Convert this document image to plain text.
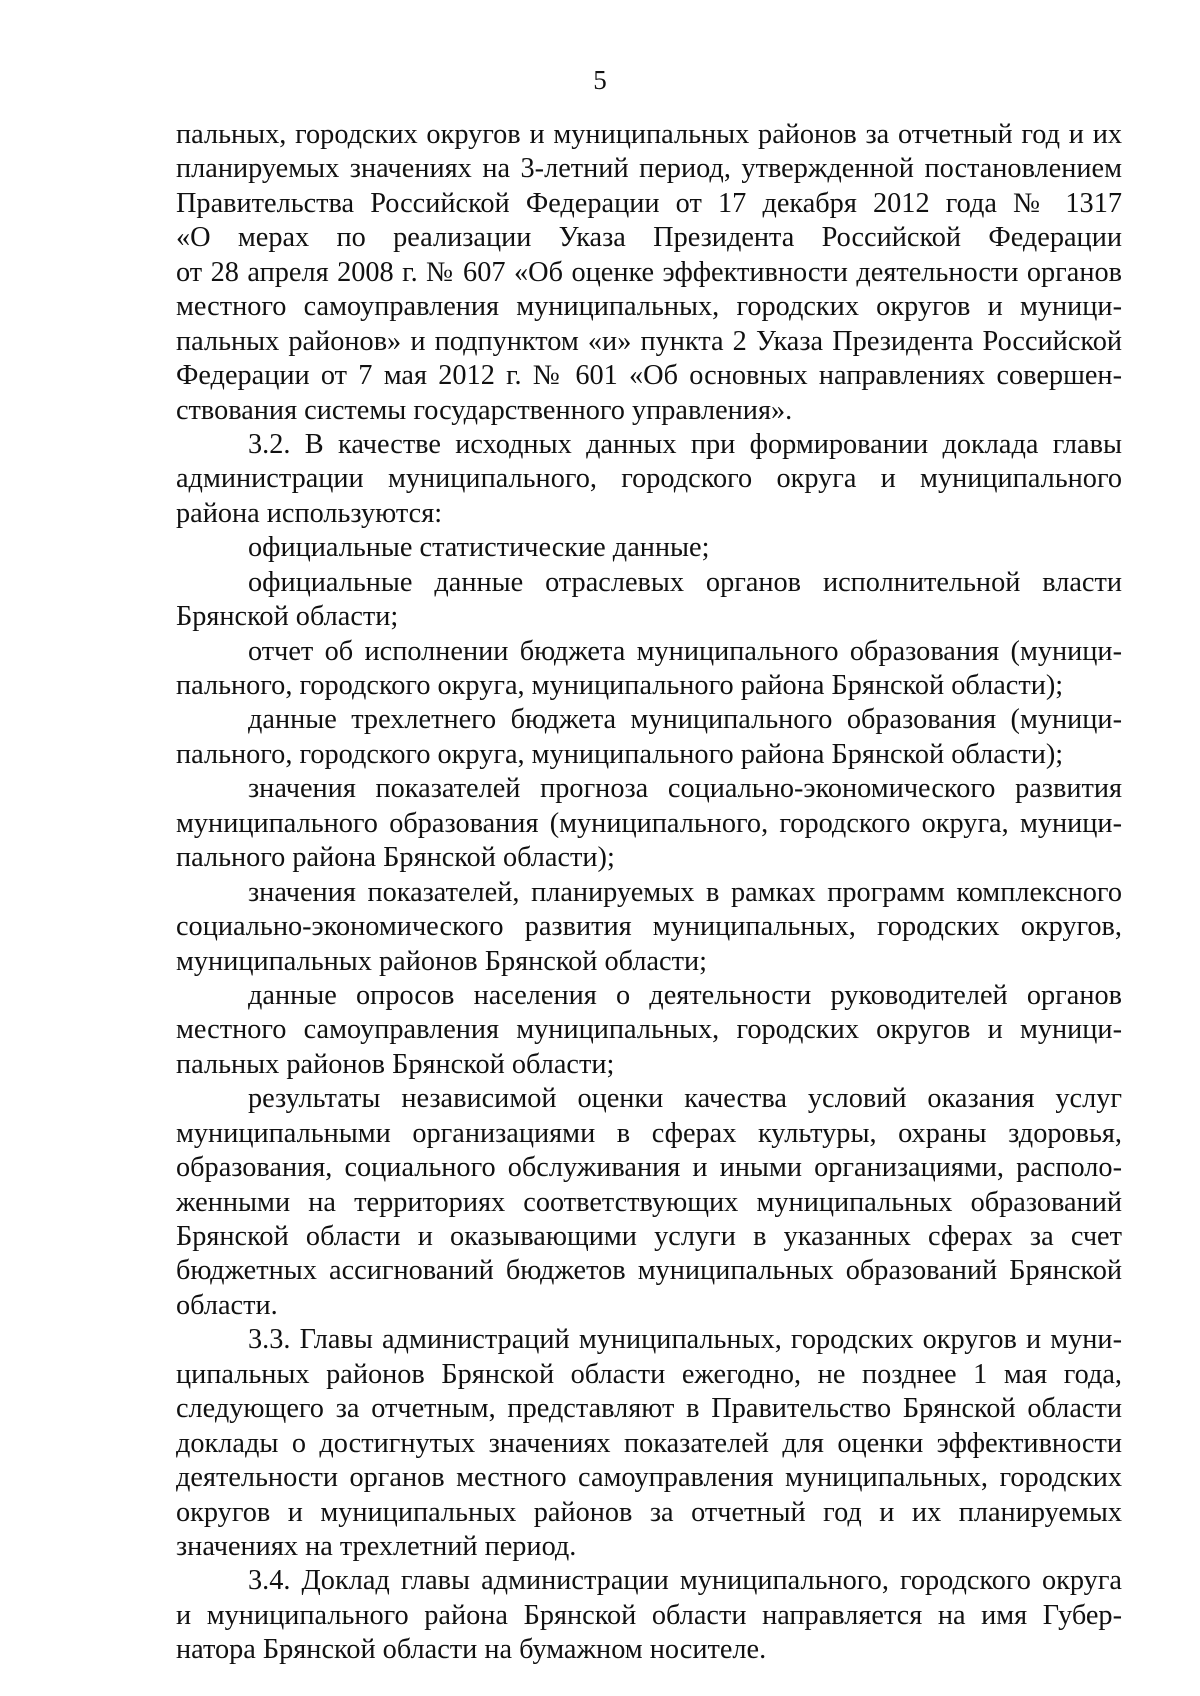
5
пальных, городских округов и муниципальных районов за отчетный год и их
планируемых значениях на 3-летний период, утвержденной постановлением
Правительства Российской Федерации от 17 декабря 2012 года № 1317
«О мерах по реализации Указа Президента Российской Федерации
от 28 апреля 2008 г. № 607 «Об оценке эффективности деятельности органов
местного самоуправления муниципальных, городских округов и муници-
пальных районов» и подпунктом «и» пункта 2 Указа Президента Российской
Федерации от 7 мая 2012 г. № 601 «Об основных направлениях совершен-
ствования системы государственного управления».
3.2. В качестве исходных данных при формировании доклада главы
администрации муниципального, городского округа и муниципального
района используются:
официальные статистические данные;
официальные данные отраслевых органов исполнительной власти
Брянской области;
отчет об исполнении бюджета муниципального образования (муници-
пального, городского округа, муниципального района Брянской области);
данные трехлетнего бюджета муниципального образования (муници-
пального, городского округа, муниципального района Брянской области);
значения показателей прогноза социально-экономического развития
муниципального образования (муниципального, городского округа, муници-
пального района Брянской области);
значения показателей, планируемых в рамках программ комплексного
социально-экономического развития муниципальных, городских округов,
муниципальных районов Брянской области;
данные опросов населения о деятельности руководителей органов
местного самоуправления муниципальных, городских округов и муници-
пальных районов Брянской области;
результаты независимой оценки качества условий оказания услуг
муниципальными организациями в сферах культуры, охраны здоровья,
образования, социального обслуживания и иными организациями, располо-
женными на территориях соответствующих муниципальных образований
Брянской области и оказывающими услуги в указанных сферах за счет
бюджетных ассигнований бюджетов муниципальных образований Брянской
области.
3.3. Главы администраций муниципальных, городских округов и муни-
ципальных районов Брянской области ежегодно, не позднее 1 мая года,
следующего за отчетным, представляют в Правительство Брянской области
доклады о достигнутых значениях показателей для оценки эффективности
деятельности органов местного самоуправления муниципальных, городских
округов и муниципальных районов за отчетный год и их планируемых
значениях на трехлетний период.
3.4. Доклад главы администрации муниципального, городского округа
и муниципального района Брянской области направляется на имя Губер-
натора Брянской области на бумажном носителе.
